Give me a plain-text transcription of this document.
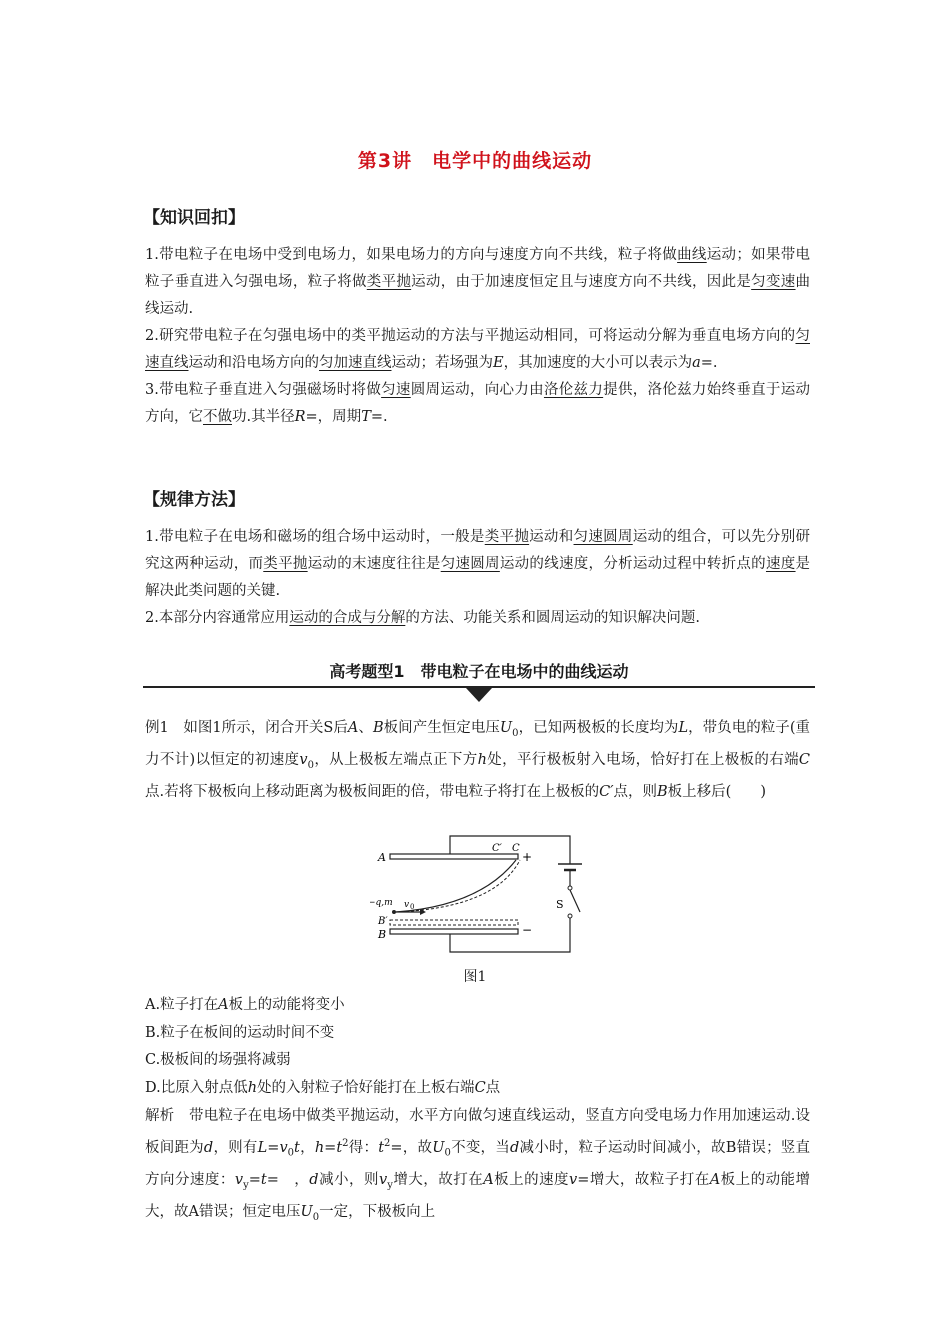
第3讲　电学中的曲线运动
【知识回扣】

1.带电粒子在电场中受到电场力，如果电场力的方向与速度方向不共线，粒子将做曲线运动；如果带电粒子垂直进入匀强电场，粒子将做类平抛运动，由于加速度恒定且与速度方向不共线，因此是匀变速曲线运动.

2.研究带电粒子在匀强电场中的类平抛运动的方法与平抛运动相同，可将运动分解为垂直电场方向的匀速直线运动和沿电场方向的匀加速直线运动；若场强为E，其加速度的大小可以表示为a=.

3.带电粒子垂直进入匀强磁场时将做匀速圆周运动，向心力由洛伦兹力提供，洛伦兹力始终垂直于运动方向，它不做功.其半径R=，周期T=.

【规律方法】

1.带电粒子在电场和磁场的组合场中运动时，一般是类平抛运动和匀速圆周运动的组合，可以先分别研究这两种运动，而类平抛运动的末速度往往是匀速圆周运动的线速度，分析运动过程中转折点的速度是解决此类问题的关键.

2.本部分内容通常应用运动的合成与分解的方法、功能关系和圆周运动的知识解决问题.

高考题型1　带电粒子在电场中的曲线运动

例1　如图1所示，闭合开关S后A、B板间产生恒定电压$U_0$，已知两极板的长度均为L，带负电的粒子(重力不计)以恒定的初速度$v_0$，从上极板左端点正下方h处，平行极板射入电场，恰好打在上极板的右端C点.若将下极板向上移动距离为极板间距的倍，带电粒子将打在上极板的C′点，则B板上移后(　　)

A
B′
B
C′ C
+
−
S
−q,m v 0
图1
A.粒子打在A板上的动能将变小
B.粒子在板间的运动时间不变
C.极板间的场强将减弱
D.比原入射点低h处的入射粒子恰好能打在上板右端C点

解析　带电粒子在电场中做类平抛运动，水平方向做匀速直线运动，竖直方向受电场力作用加速运动.设板间距为d，则有$L=v_0t$，$h=t^2$得：$t^2=$，故$U_0$不变，当d减小时，粒子运动时间减小，故B错误；竖直方向分速度：$v_y=t=$　，d减小，则$v_y$增大，故打在A板上的速度v=增大，故粒子打在A板上的动能增大，故A错误；恒定电压$U_0$一定，下极板向上
